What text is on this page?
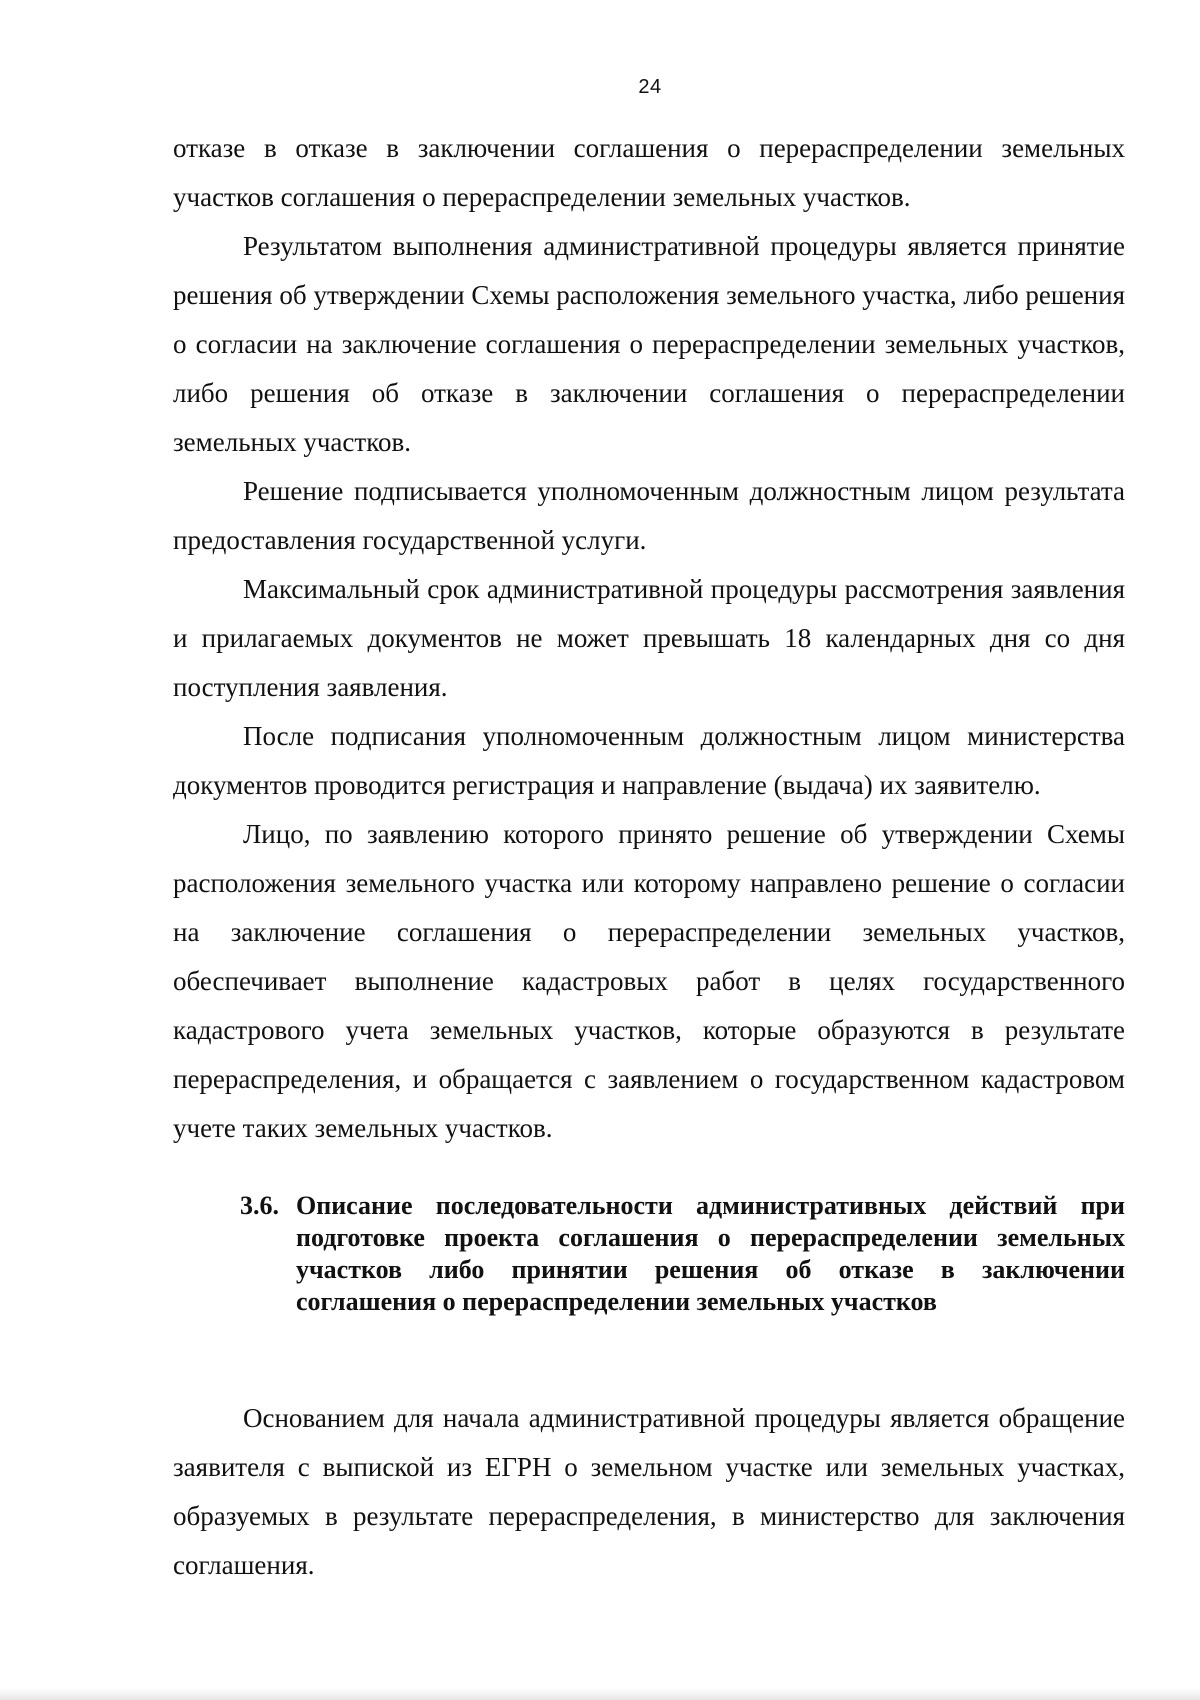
24

отказе в отказе в заключении соглашения о перераспределении земельных участков соглашения о перераспределении земельных участков.

Результатом выполнения административной процедуры является принятие решения об утверждении Схемы расположения земельного участка, либо решения о согласии на заключение соглашения о перераспределении земельных участков, либо решения об отказе в заключении соглашения о перераспределении земельных участков.

Решение подписывается уполномоченным должностным лицом результата предоставления государственной услуги.

Максимальный срок административной процедуры рассмотрения заявления и прилагаемых документов не может превышать 18 календарных дня со дня поступления заявления.

После подписания уполномоченным должностным лицом министерства документов проводится регистрация и направление (выдача) их заявителю.

Лицо, по заявлению которого принято решение об утверждении Схемы расположения земельного участка или которому направлено решение о согласии на заключение соглашения о перераспределении земельных участков, обеспечивает выполнение кадастровых работ в целях государственного кадастрового учета земельных участков, которые образуются в результате перераспределения, и обращается с заявлением о государственном кадастровом учете таких земельных участков.

3.6. Описание последовательности административных действий при подготовке проекта соглашения о перераспределении земельных участков либо принятии решения об отказе в заключении соглашения о перераспределении земельных участков

Основанием для начала административной процедуры является обращение заявителя с выпиской из ЕГРН о земельном участке или земельных участках, образуемых в результате перераспределения, в министерство для заключения соглашения.
